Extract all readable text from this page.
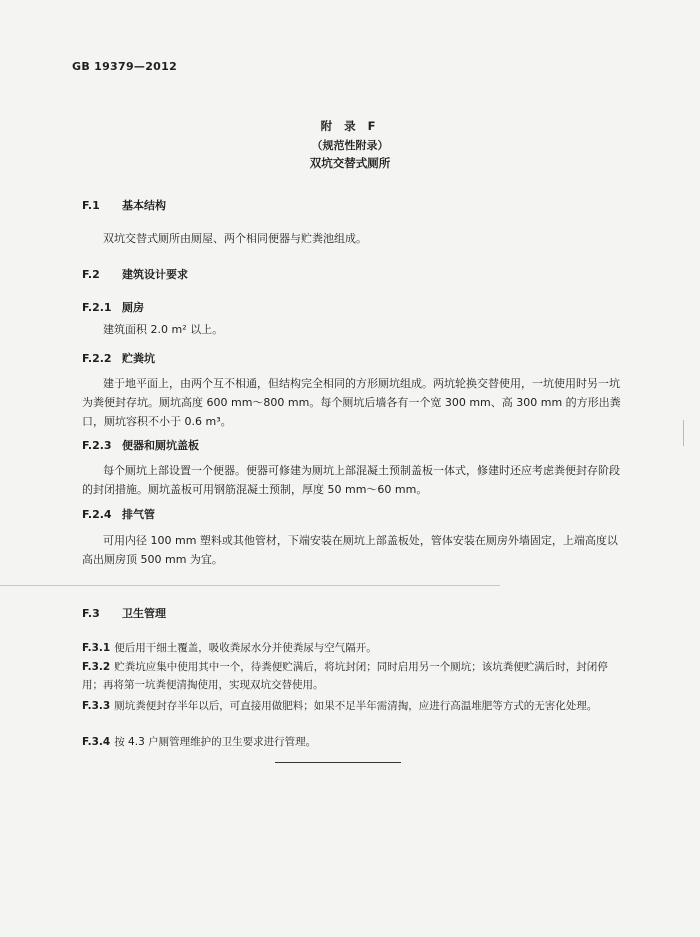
GB 19379—2012
附 录 F
（规范性附录）
双坑交替式厕所
F.1 基本结构
双坑交替式厕所由厕屋、两个相同便器与贮粪池组成。
F.2 建筑设计要求
F.2.1 厕房
建筑面积 2.0 m² 以上。
F.2.2 贮粪坑
建于地平面上，由两个互不相通，但结构完全相同的方形厕坑组成。两坑轮换交替使用，一坑使用时另一坑为粪便封存坑。厕坑高度 600 mm～800 mm。每个厕坑后墙各有一个宽 300 mm、高 300 mm 的方形出粪口，厕坑容积不小于 0.6 m³。
F.2.3 便器和厕坑盖板
每个厕坑上部设置一个便器。便器可修建为厕坑上部混凝土预制盖板一体式，修建时还应考虑粪便封存阶段的封闭措施。厕坑盖板可用钢筋混凝土预制，厚度 50 mm～60 mm。
F.2.4 排气管
可用内径 100 mm 塑料或其他管材，下端安装在厕坑上部盖板处，管体安装在厕房外墙固定，上端高度以高出厕房顶 500 mm 为宜。
F.3 卫生管理
F.3.1 便后用干细土覆盖，吸收粪尿水分并使粪尿与空气隔开。
F.3.2 贮粪坑应集中使用其中一个，待粪便贮满后，将坑封闭；同时启用另一个厕坑；该坑粪便贮满后时，封闭停用；再将第一坑粪便清掏使用，实现双坑交替使用。
F.3.3 厕坑粪便封存半年以后，可直接用做肥料；如果不足半年需清掏，应进行高温堆肥等方式的无害化处理。
F.3.4 按 4.3 户厕管理维护的卫生要求进行管理。
